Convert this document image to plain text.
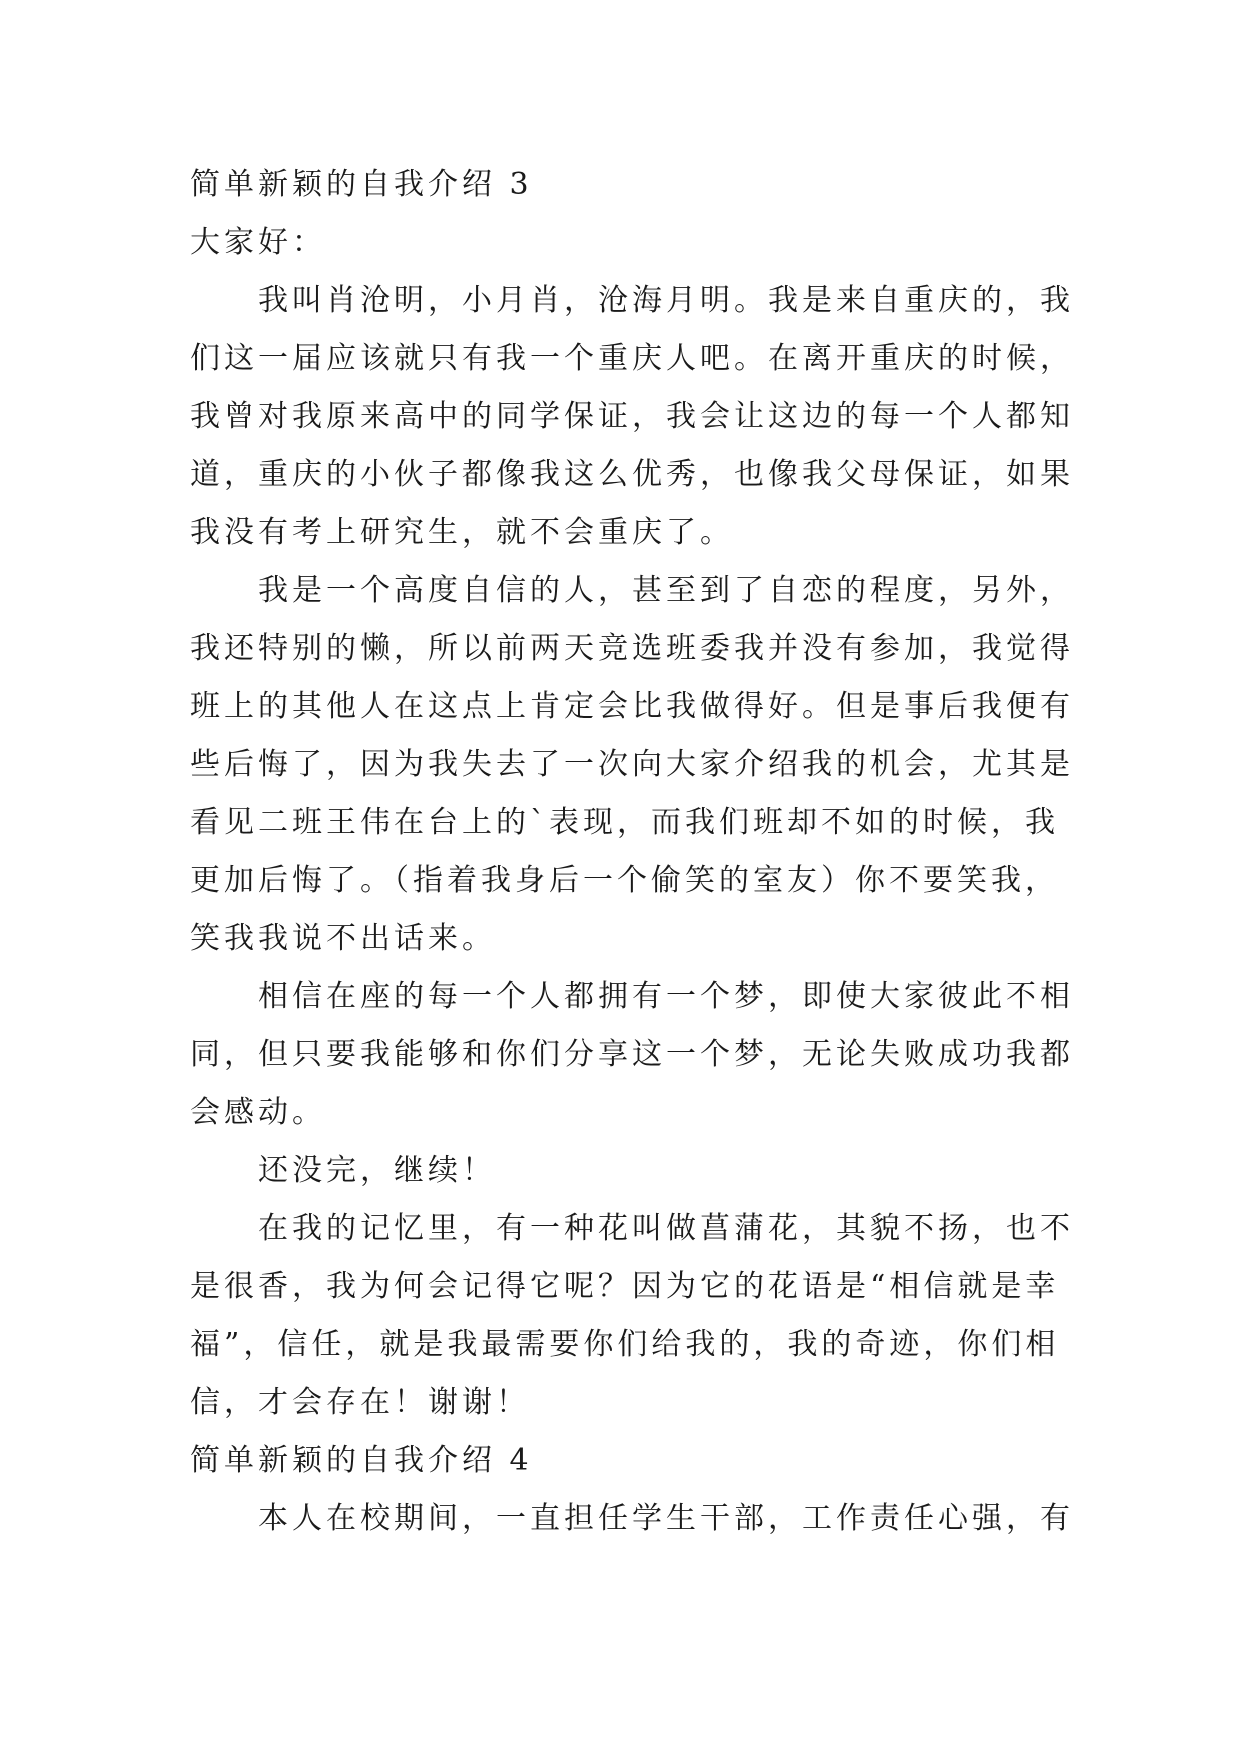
简单新颖的自我介绍 3
大家好：
我叫肖沧明，小月肖，沧海月明。我是来自重庆的，我
们这一届应该就只有我一个重庆人吧。在离开重庆的时候，
我曾对我原来高中的同学保证，我会让这边的每一个人都知
道，重庆的小伙子都像我这么优秀，也像我父母保证，如果
我没有考上研究生，就不会重庆了。
我是一个高度自信的人，甚至到了自恋的程度，另外，
我还特别的懒，所以前两天竞选班委我并没有参加，我觉得
班上的其他人在这点上肯定会比我做得好。但是事后我便有
些后悔了，因为我失去了一次向大家介绍我的机会，尤其是
看见二班王伟在台上的`表现，而我们班却不如的时候，我
更加后悔了。（指着我身后一个偷笑的室友）你不要笑我，
笑我我说不出话来。
相信在座的每一个人都拥有一个梦，即使大家彼此不相
同，但只要我能够和你们分享这一个梦，无论失败成功我都
会感动。
还没完，继续！
在我的记忆里，有一种花叫做菖蒲花，其貌不扬，也不
是很香，我为何会记得它呢？因为它的花语是“相信就是幸
福”，信任，就是我最需要你们给我的，我的奇迹，你们相
信，才会存在！谢谢！
简单新颖的自我介绍 4
本人在校期间，一直担任学生干部，工作责任心强，有
